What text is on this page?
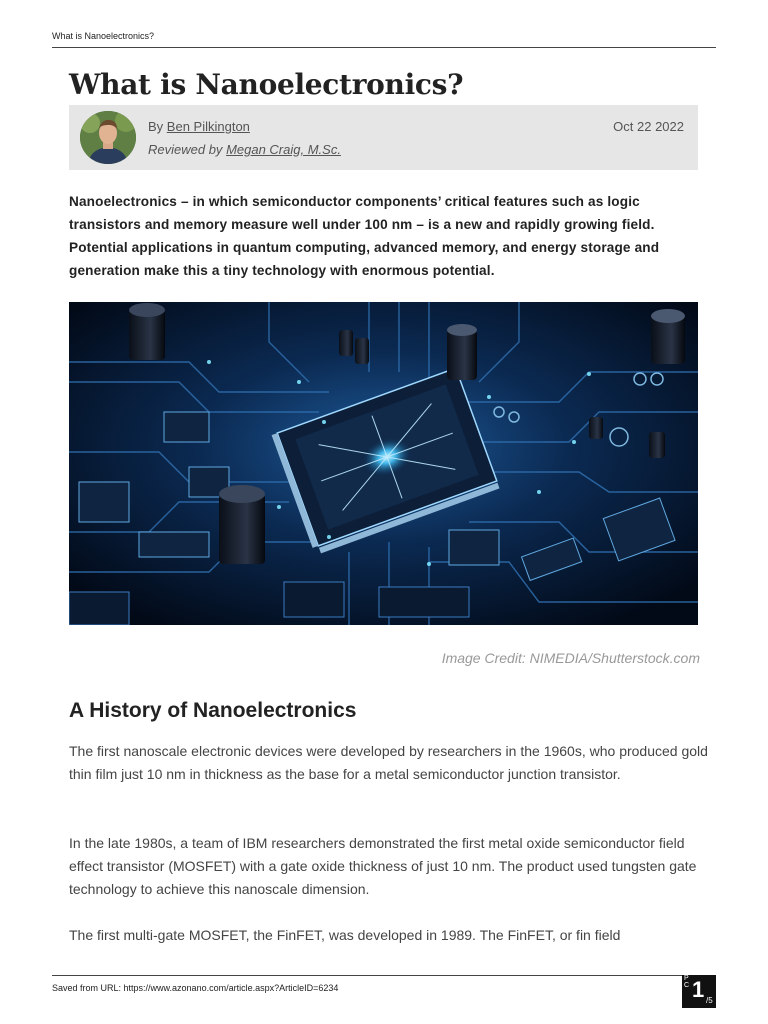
What is Nanoelectronics?
What is Nanoelectronics?
By Ben Pilkington
Reviewed by Megan Craig, M.Sc.
Oct 22 2022

Nanoelectronics – in which semiconductor components’ critical features such as logic transistors and memory measure well under 100 nm – is a new and rapidly growing field. Potential applications in quantum computing, advanced memory, and energy storage and generation make this a tiny technology with enormous potential.

Image Credit: NIMEDIA/Shutterstock.com
A History of Nanoelectronics

The first nanoscale electronic devices were developed by researchers in the 1960s, who produced gold thin film just 10 nm in thickness as the base for a metal semiconductor junction transistor.

In the late 1980s, a team of IBM researchers demonstrated the first metal oxide semiconductor field effect transistor (MOSFET) with a gate oxide thickness of just 10 nm. The product used tungsten gate technology to achieve this nanoscale dimension.

The first multi-gate MOSFET, the FinFET, was developed in 1989. The FinFET, or fin field

Saved from URL: https://www.azonano.com/article.aspx?ArticleID=6234
P
C 1 /5
